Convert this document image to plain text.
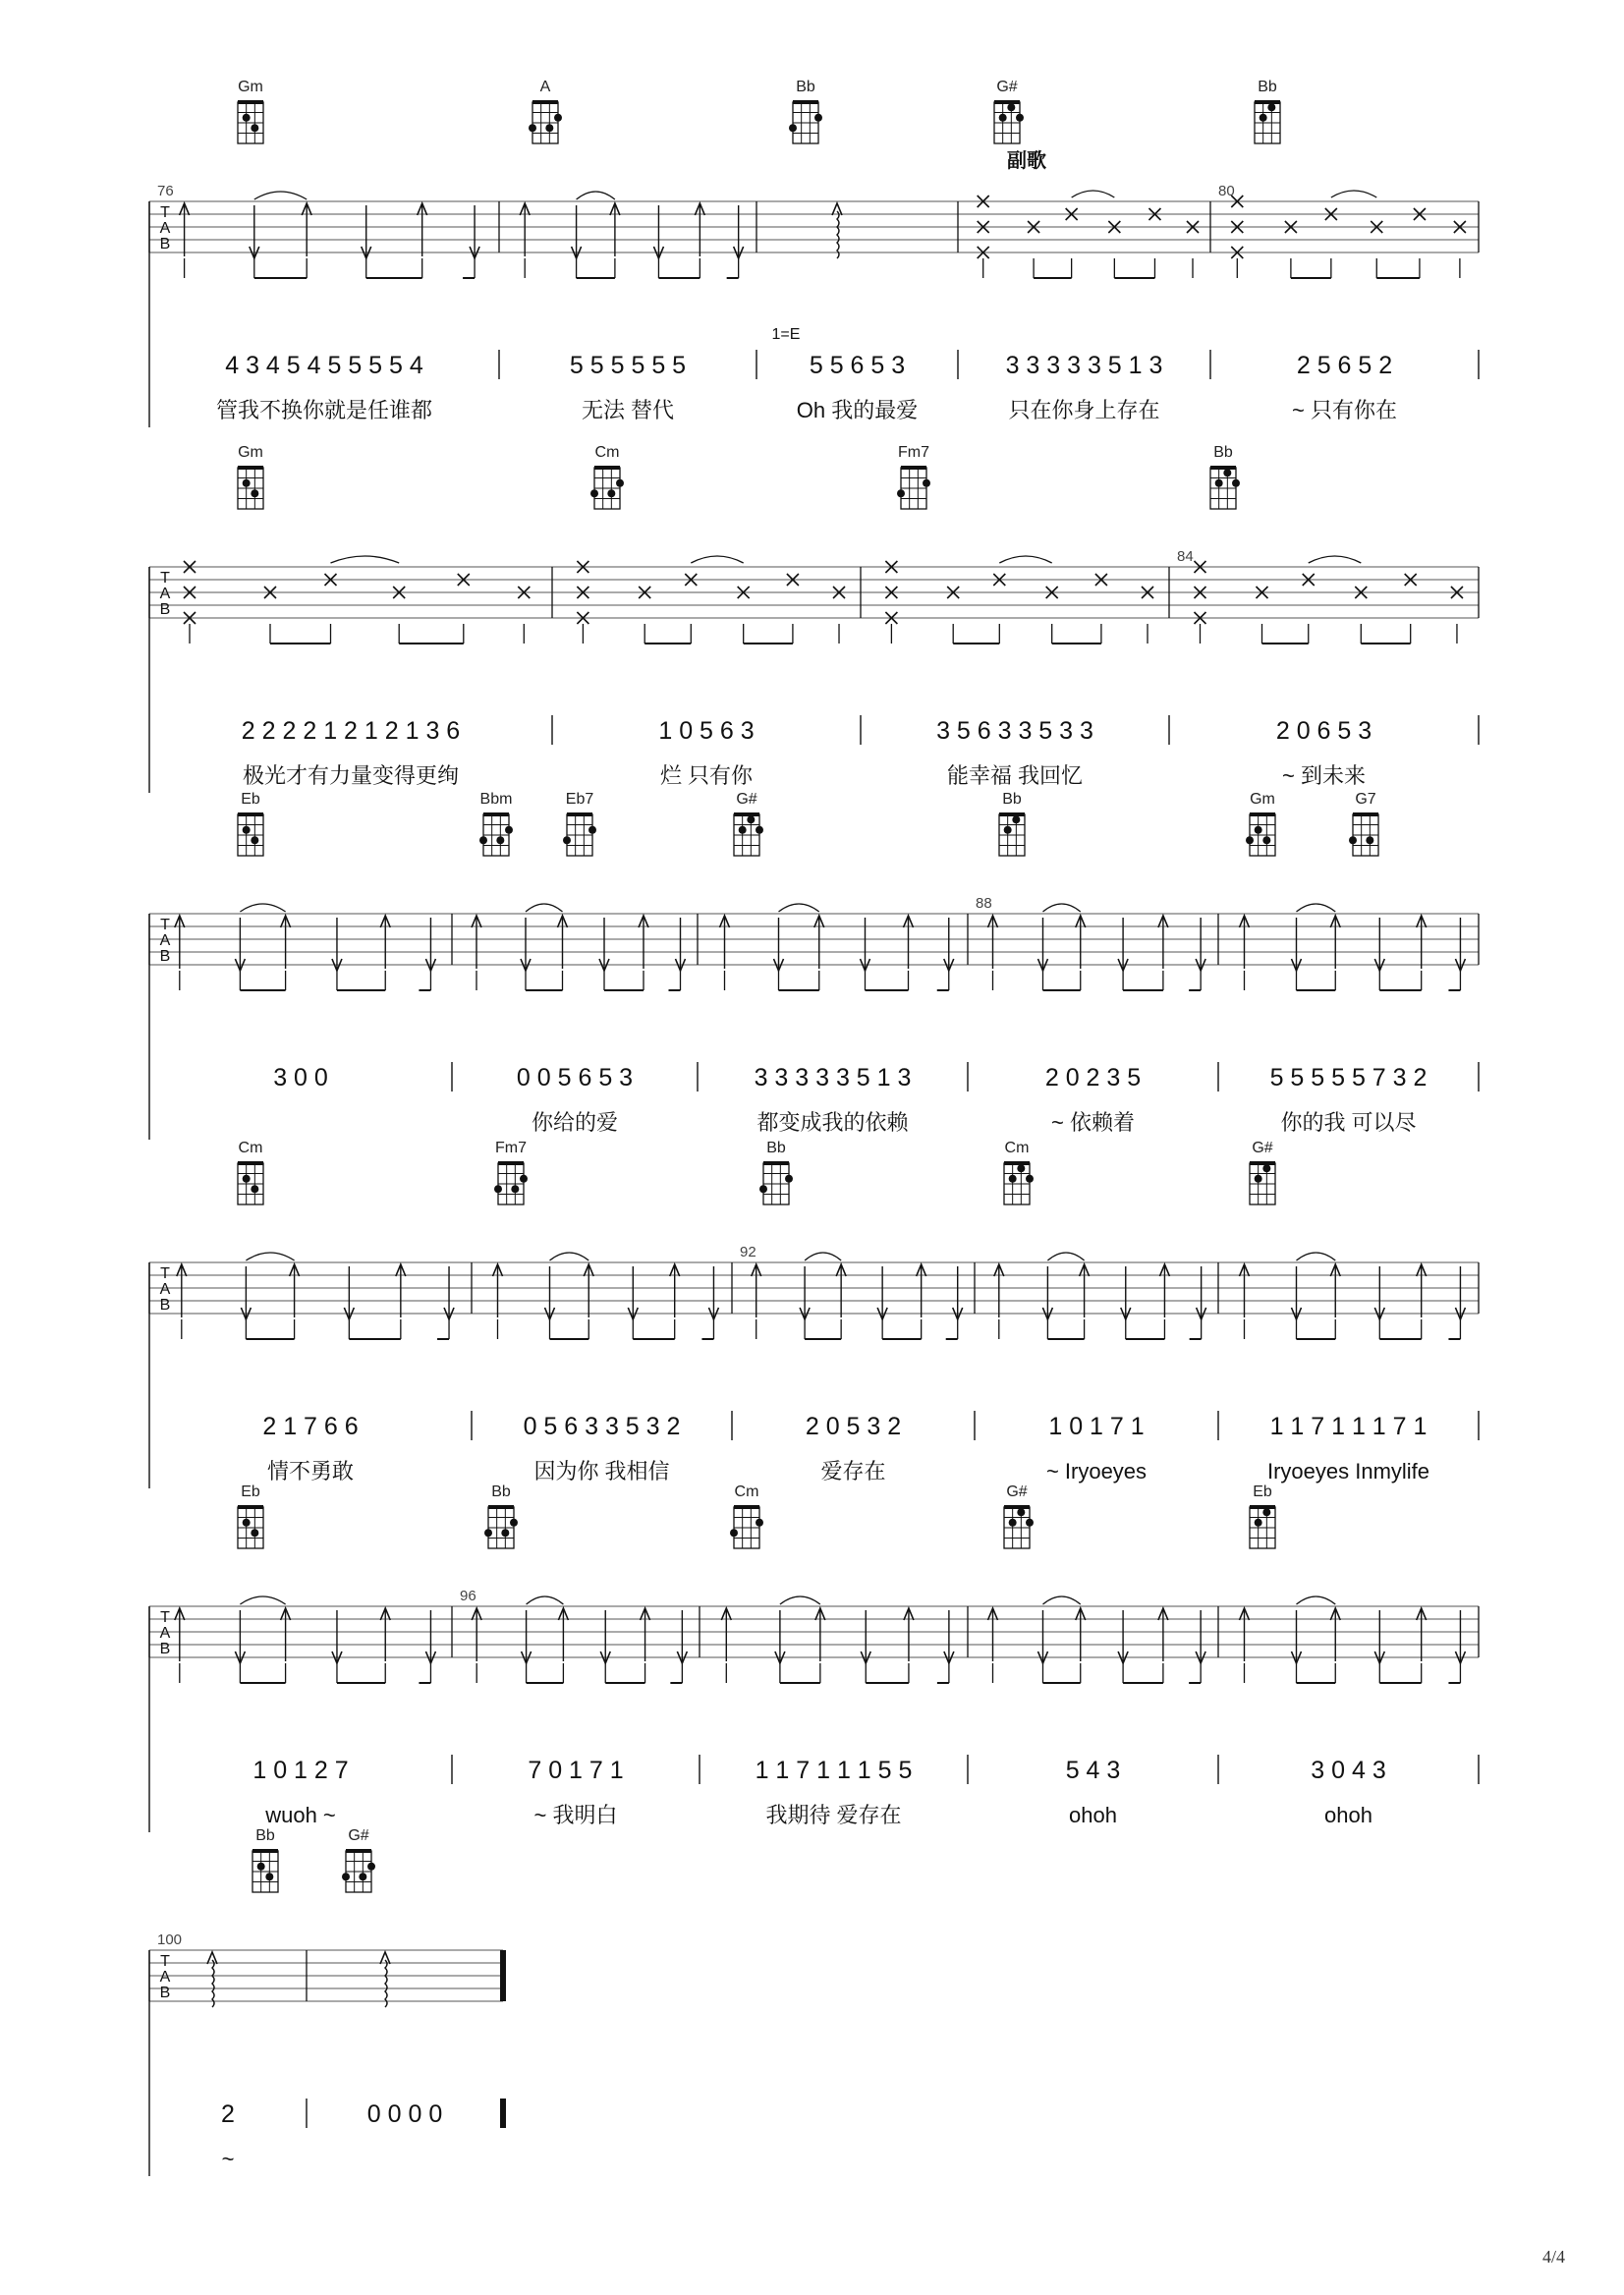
Gm	A	Bb	G#	Bb
T
A
B
76	80
4 3 4 5 4 5 5 5 5 4
管我不换你就是任谁都
5 5 5 5 5 5
无法 替代
5 5 6 5 3
Oh 我的最爱
3 3 3 3 3 5 1 3
只在你身上存在
2 5 6 5 2
~ 只有你在
副歌
1=E
Gm	Cm	Fm7	Bb
T
A
B
84
2 2 2 2 1 2 1 2 1 3 6
极光才有力量变得更绚
1 0 5 6 3
烂 只有你
3 5 6 3 3 5 3 3
能幸福 我回忆
2 0 6 5 3
~ 到未来
Eb	Bbm	Eb7	G#	Bb	Gm	G7
T
A
B
88
3 0 0	0 0 5 6 5 3
你给的爱
3 3 3 3 3 5 1 3
都变成我的依赖
2 0 2 3 5
~ 依赖着
5 5 5 5 5 7 3 2
你的我 可以尽
Cm	Fm7	Bb	Cm	G#
T
A
B
92
2 1 7 6 6
情不勇敢
0 5 6 3 3 5 3 2
因为你 我相信
2 0 5 3 2
爱存在
1 0 1 7 1
~ Iryoeyes
1 1 7 1 1 1 7 1
Iryoeyes Inmylife
Eb	Bb	Cm	G#	Eb
T
A
B
96
1 0 1 2 7
wuoh ~
7 0 1 7 1
~ 我明白
1 1 7 1 1 1 5 5
我期待 爱存在
5 4 3
ohoh
3 0 4 3
ohoh
Bb	G#
T
A
B
100
2
~
0 0 0 0
4/4
